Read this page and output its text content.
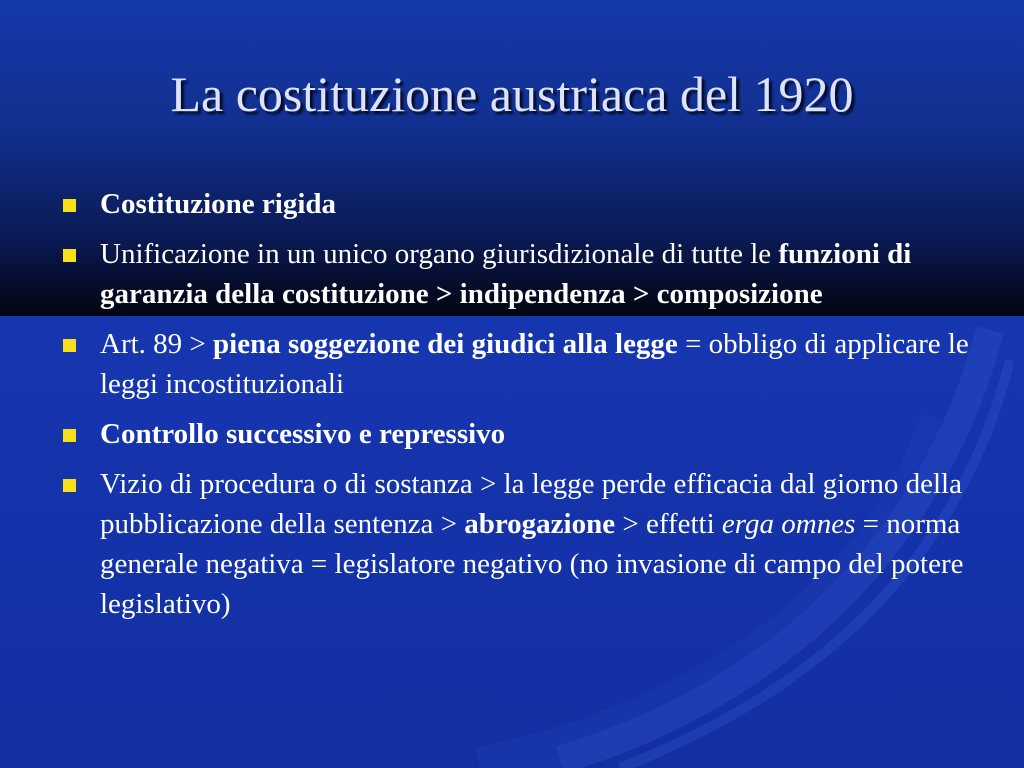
La costituzione austriaca del 1920
Costituzione rigida
Unificazione in un unico organo giurisdizionale di tutte le funzioni di garanzia della costituzione > indipendenza > composizione
Art. 89 > piena soggezione dei giudici alla legge = obbligo di applicare le leggi incostituzionali
Controllo successivo e repressivo
Vizio di procedura o di sostanza > la legge perde efficacia dal giorno della pubblicazione della sentenza > abrogazione > effetti erga omnes = norma generale negativa = legislatore negativo (no invasione di campo del potere legislativo)
